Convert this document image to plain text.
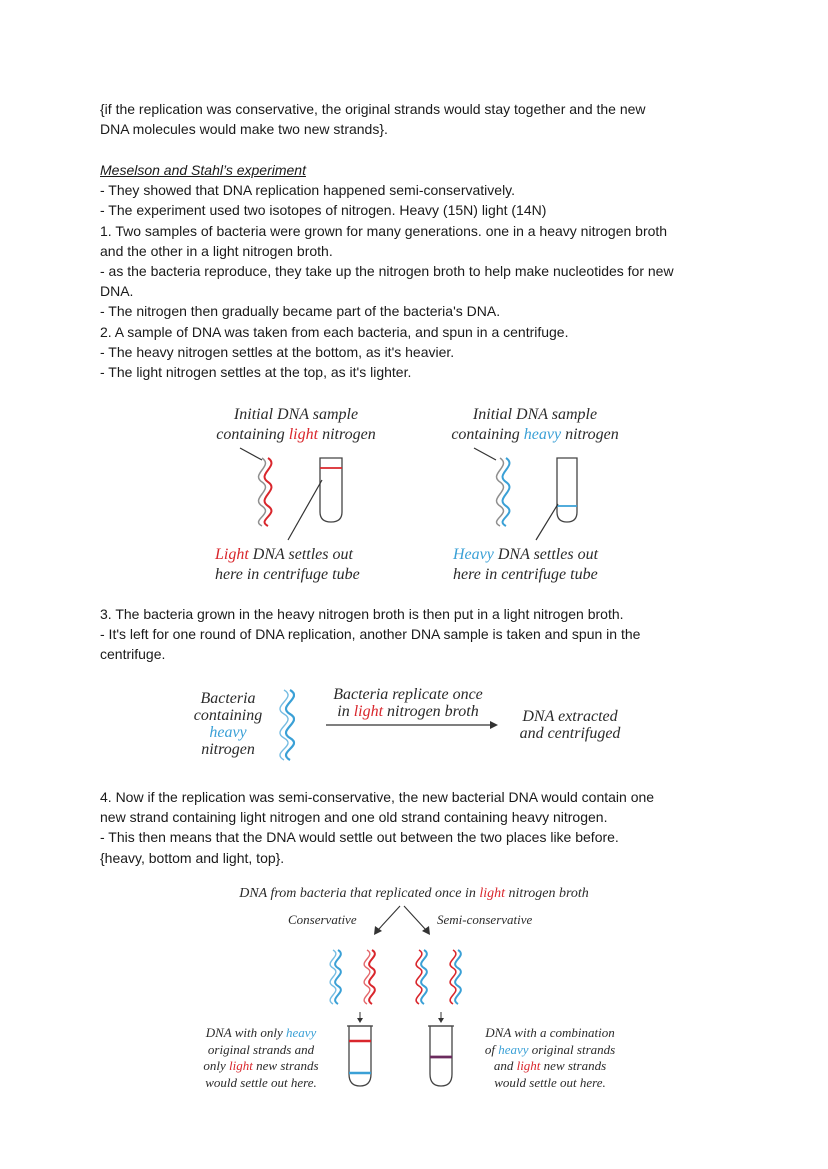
{if the replication was conservative, the original strands would stay together and the new
DNA molecules would make two new strands}.
Meselson and Stahl’s experiment
- They showed that DNA replication happened semi-conservatively.
- The experiment used two isotopes of nitrogen. Heavy (15N) light (14N)
1. Two samples of bacteria were grown for many generations. one in a heavy nitrogen broth
and the other in a light nitrogen broth.
- as the bacteria reproduce, they take up the nitrogen broth to help make nucleotides for new
DNA.
- The nitrogen then gradually became part of the bacteria's DNA.
2. A sample of DNA was taken from each bacteria, and spun in a centrifuge.
- The heavy nitrogen settles at the bottom, as it's heavier.
- The light nitrogen settles at the top, as it's lighter.
Initial DNA sample
containing light nitrogen
Initial DNA sample
containing heavy nitrogen
Light DNA settles out
here in centrifuge tube
Heavy DNA settles out
here in centrifuge tube
3. The bacteria grown in the heavy nitrogen broth is then put in a light nitrogen broth.
- It's left for one round of DNA replication, another DNA sample is taken and spun in the
centrifuge.
Bacteria
containing
heavy
nitrogen
Bacteria replicate once
in light nitrogen broth	DNA extracted
and centrifuged
4. Now if the replication was semi-conservative, the new bacterial DNA would contain one
new strand containing light nitrogen and one old strand containing heavy nitrogen.
- This then means that the DNA would settle out between the two places like before.
{heavy, bottom and light, top}.
DNA from bacteria that replicated once in light nitrogen broth
Conservative	Semi-conservative
DNA with only heavy
original strands and
only light new strands
would settle out here.
DNA with a combination
of heavy original strands
and light new strands
would settle out here.
